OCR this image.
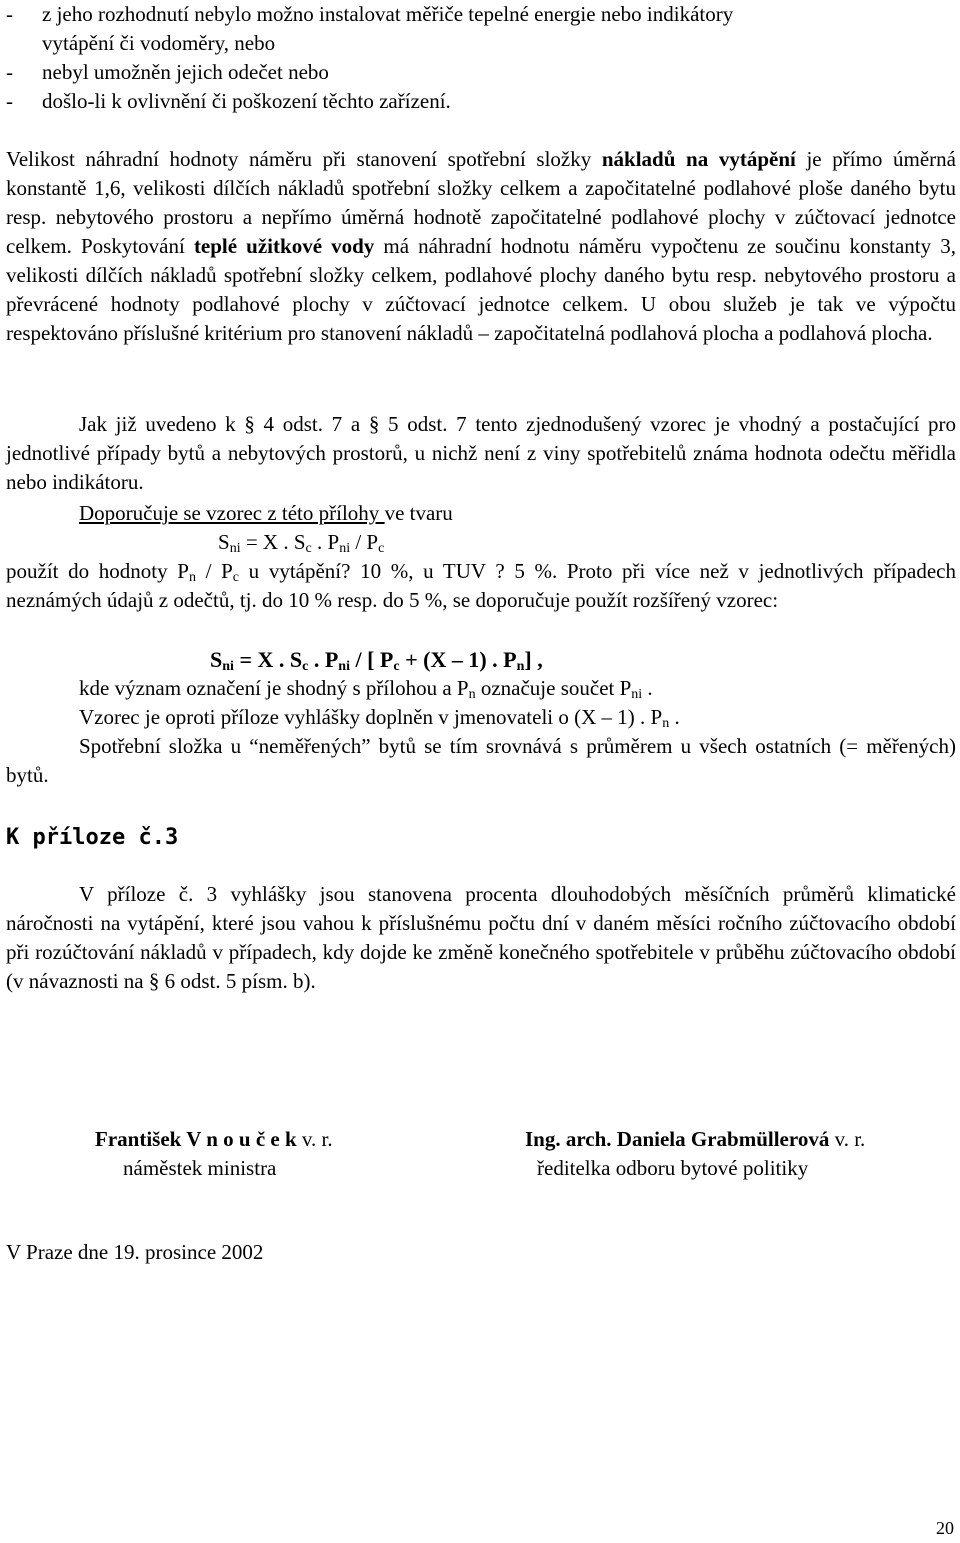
- z jeho rozhodnutí nebylo možno instalovat měřiče tepelné energie nebo indikátory
vytápění či vodoměry, nebo
- nebyl umožněn jejich odečet nebo
- došlo-li k ovlivnění či poškození těchto zařízení.
Velikost náhradní hodnoty náměru při stanovení spotřební složky nákladů na vytápění je přímo úměrná konstantě 1,6, velikosti dílčích nákladů spotřební složky celkem a započitatelné podlahové ploše daného bytu resp. nebytového prostoru a nepřímo úměrná hodnotě započitatelné podlahové plochy v zúčtovací jednotce celkem. Poskytování teplé užitkové vody má náhradní hodnotu náměru vypočtenu ze součinu konstanty 3, velikosti dílčích nákladů spotřební složky celkem, podlahové plochy daného bytu resp. nebytového prostoru a převrácené hodnoty podlahové plochy v zúčtovací jednotce celkem. U obou služeb je tak ve výpočtu respektováno příslušné kritérium pro stanovení nákladů – započitatelná podlahová plocha a podlahová plocha.
Jak již uvedeno k § 4 odst. 7 a § 5 odst. 7 tento zjednodušený vzorec je vhodný a postačující pro jednotlivé případy bytů a nebytových prostorů, u nichž není z viny spotřebitelů známa hodnota odečtu měřidla nebo indikátoru.
Doporučuje se vzorec z této přílohy ve tvaru
$S_{ni} = X$ . $S_c$ . $P_{ni} / P_c$
použít do hodnoty $P_n / P_c$ u vytápění? 10 %, u TUV ? 5 %. Proto při více než v jednotlivých případech neznámých údajů z odečtů, tj. do 10 % resp. do 5 %, se doporučuje použít rozšířený vzorec:
$S_{ni} = X$ . $S_c$ . $P_{ni}$ / [ $P_c + (X - 1)$ . $P_n$] ,
kde význam označení je shodný s přílohou a $P_n$ označuje součet $P_{ni}$ .
Vzorec je oproti příloze vyhlášky doplněn v jmenovateli o (X – 1) . $P_n$ .
Spotřební složka u “neměřených” bytů se tím srovnává s průměrem u všech ostatních (= měřených) bytů.
K příloze č.3
V příloze č. 3 vyhlášky jsou stanovena procenta dlouhodobých měsíčních průměrů klimatické náročnosti na vytápění, které jsou vahou k příslušnému počtu dní v daném měsíci ročního zúčtovacího období při rozúčtování nákladů v případech, kdy dojde ke změně konečného spotřebitele v průběhu zúčtovacího období (v návaznosti na § 6 odst. 5 písm. b).
František V n o u č e k v. r.
náměstek ministra
Ing. arch. Daniela Grabmüllerová v. r.
ředitelka odboru bytové politiky
V Praze dne 19. prosince 2002
20
